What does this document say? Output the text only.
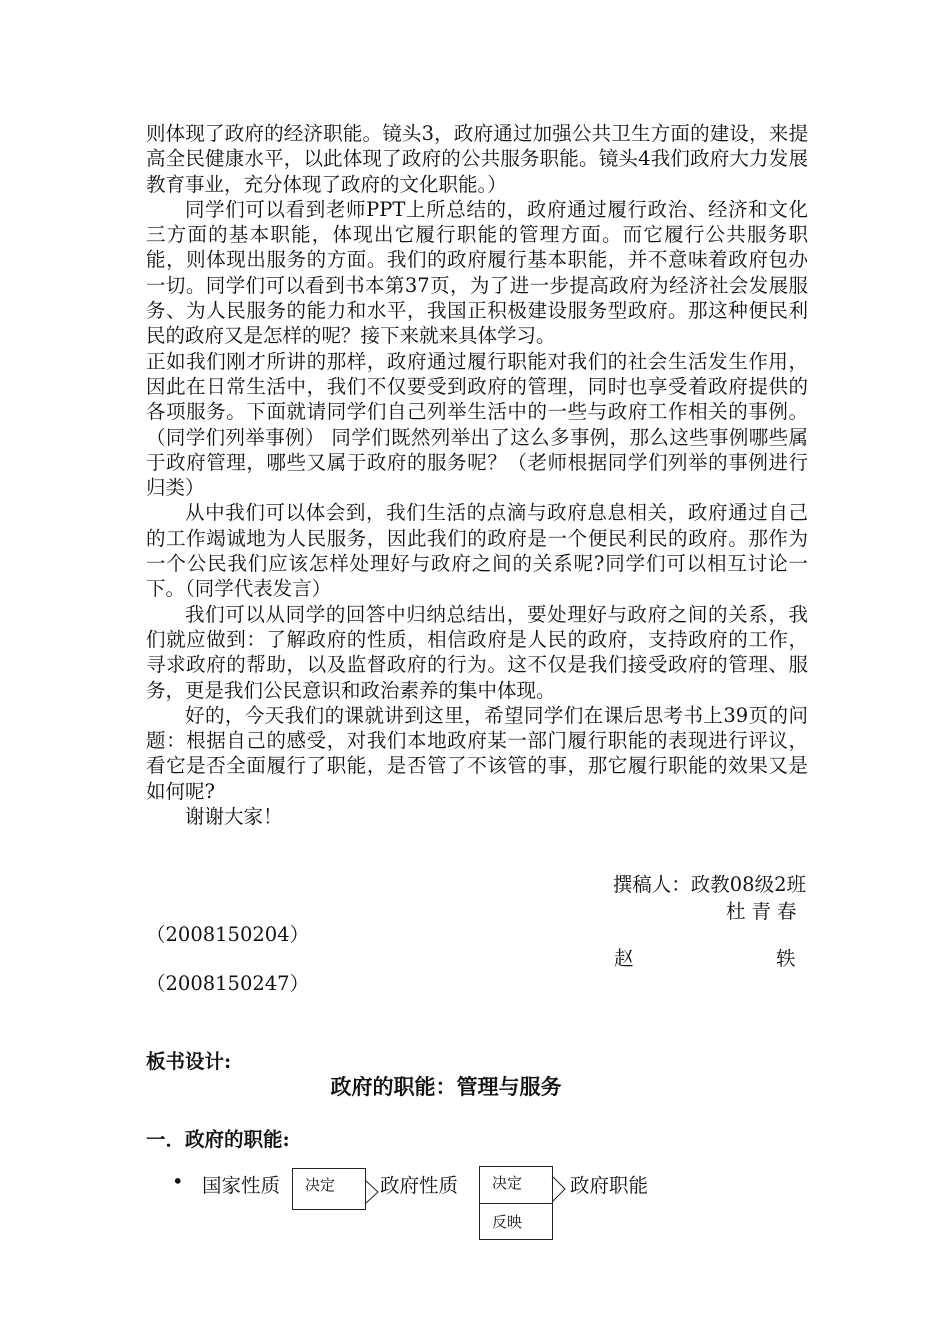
则体现了政府的经济职能。镜头3，政府通过加强公共卫生方面的建设，来提高全民健康水平，以此体现了政府的公共服务职能。镜头4我们政府大力发展教育事业，充分体现了政府的文化职能。）

同学们可以看到老师PPT上所总结的，政府通过履行政治、经济和文化三方面的基本职能，体现出它履行职能的管理方面。而它履行公共服务职能，则体现出服务的方面。我们的政府履行基本职能，并不意味着政府包办一切。同学们可以看到书本第37页，为了进一步提高政府为经济社会发展服务、为人民服务的能力和水平，我国正积极建设服务型政府。那这种便民利民的政府又是怎样的呢？接下来就来具体学习。

正如我们刚才所讲的那样，政府通过履行职能对我们的社会生活发生作用，因此在日常生活中，我们不仅要受到政府的管理，同时也享受着政府提供的各项服务。下面就请同学们自己列举生活中的一些与政府工作相关的事例。（同学们列举事例） 同学们既然列举出了这么多事例，那么这些事例哪些属于政府管理，哪些又属于政府的服务呢？（老师根据同学们列举的事例进行归类）

从中我们可以体会到，我们生活的点滴与政府息息相关，政府通过自己的工作竭诚地为人民服务，因此我们的政府是一个便民利民的政府。那作为一个公民我们应该怎样处理好与政府之间的关系呢?同学们可以相互讨论一下。（同学代表发言）

我们可以从同学的回答中归纳总结出，要处理好与政府之间的关系，我们就应做到：了解政府的性质，相信政府是人民的政府，支持政府的工作，寻求政府的帮助，以及监督政府的行为。这不仅是我们接受政府的管理、服务，更是我们公民意识和政治素养的集中体现。

好的，今天我们的课就讲到这里，希望同学们在课后思考书上39页的问题：根据自己的感受，对我们本地政府某一部门履行职能的表现进行评议，看它是否全面履行了职能，是否管了不该管的事，那它履行职能的效果又是如何呢?

谢谢大家！

撰稿人：政教08级2班
杜青春
（2008150204）
赵	轶
（2008150247）
板书设计:
政府的职能：管理与服务
一．政府的职能:
• 国家性质 决定 政府性质 决定
反映
政府职能
